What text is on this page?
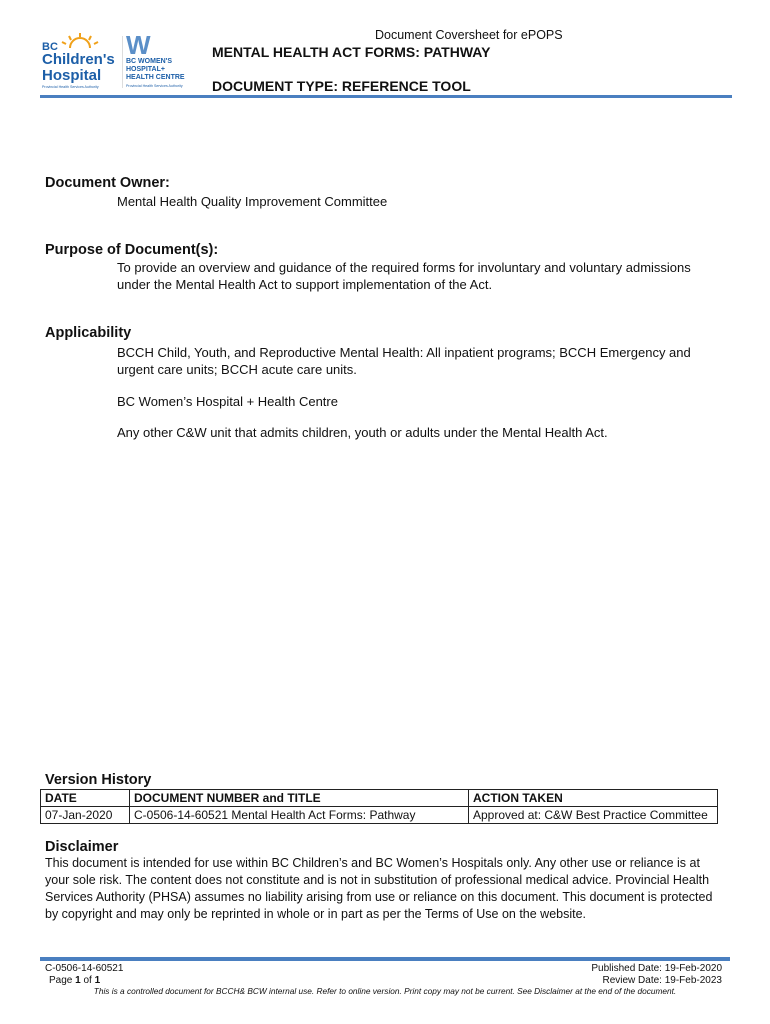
Document Coversheet for ePOPS
BC
Children's
Hospital
Provincial Health Services Authority
W
BC WOMEN'S
HOSPITAL+
HEALTH CENTRE
Provincial Health Services Authority
MENTAL HEALTH ACT FORMS: PATHWAY
DOCUMENT TYPE: REFERENCE TOOL
Document Owner:
Mental Health Quality Improvement Committee
Purpose of Document(s):
To provide an overview and guidance of the required forms for involuntary and voluntary admissions under the Mental Health Act to support implementation of the Act.
Applicability
BCCH Child, Youth, and Reproductive Mental Health: All inpatient programs; BCCH Emergency and urgent care units; BCCH acute care units.
BC Women’s Hospital + Health Centre
Any other C&W unit that admits children, youth or adults under the Mental Health Act.
Version History
DATE	DOCUMENT NUMBER and TITLE	ACTION TAKEN
07-Jan-2020	C-0506-14-60521 Mental Health Act Forms: Pathway	Approved at: C&W Best Practice Committee
Disclaimer
This document is intended for use within BC Children’s and BC Women’s Hospitals only. Any other use or reliance is at your sole risk. The content does not constitute and is not in substitution of professional medical advice. Provincial Health Services Authority (PHSA) assumes no liability arising from use or reliance on this document. This document is protected by copyright and may only be reprinted in whole or in part as per the Terms of Use on the website.
C-0506-14-60521
Page 1 of 1
Published Date: 19-Feb-2020
Review Date: 19-Feb-2023
This is a controlled document for BCCH& BCW internal use. Refer to online version. Print copy may not be current. See Disclaimer at the end of the document.
